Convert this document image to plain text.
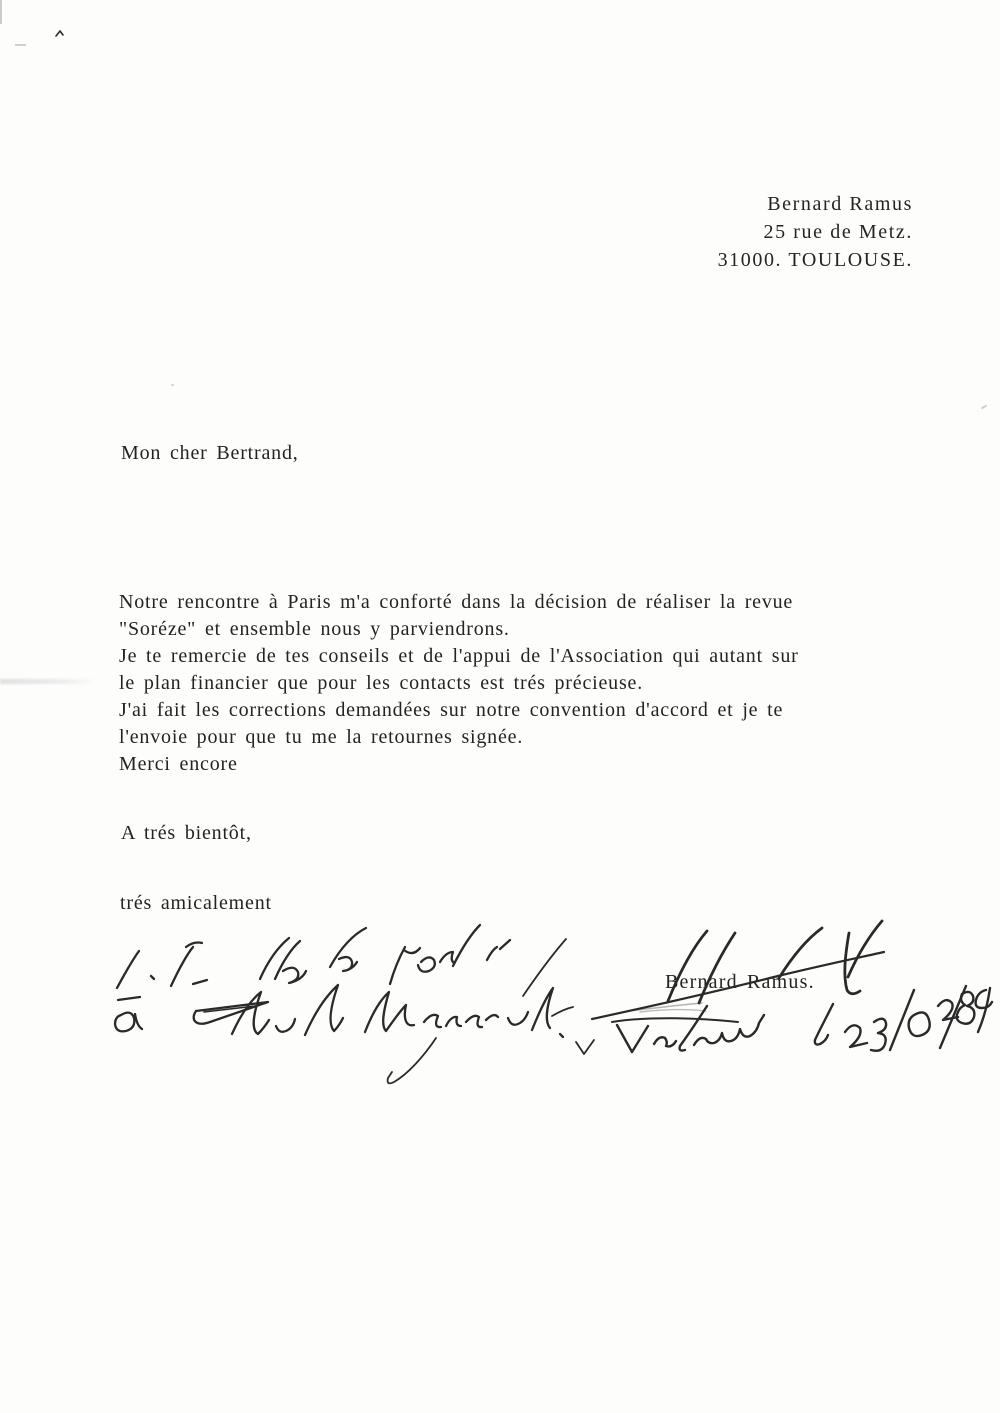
Bernard Ramus
25 rue de Metz.
31000. TOULOUSE.
Mon cher Bertrand,
Notre rencontre à Paris m'a conforté dans la décision de réaliser la revue
"Soréze" et ensemble nous y parviendrons.
Je te remercie de tes conseils et de l'appui de l'Association qui autant sur
le plan financier que pour les contacts est trés précieuse.
J'ai fait les corrections demandées sur notre convention d'accord et je te
l'envoie pour que tu me la retournes signée.
Merci encore
A trés bientôt,
trés amicalement
Bernard Ramus.
